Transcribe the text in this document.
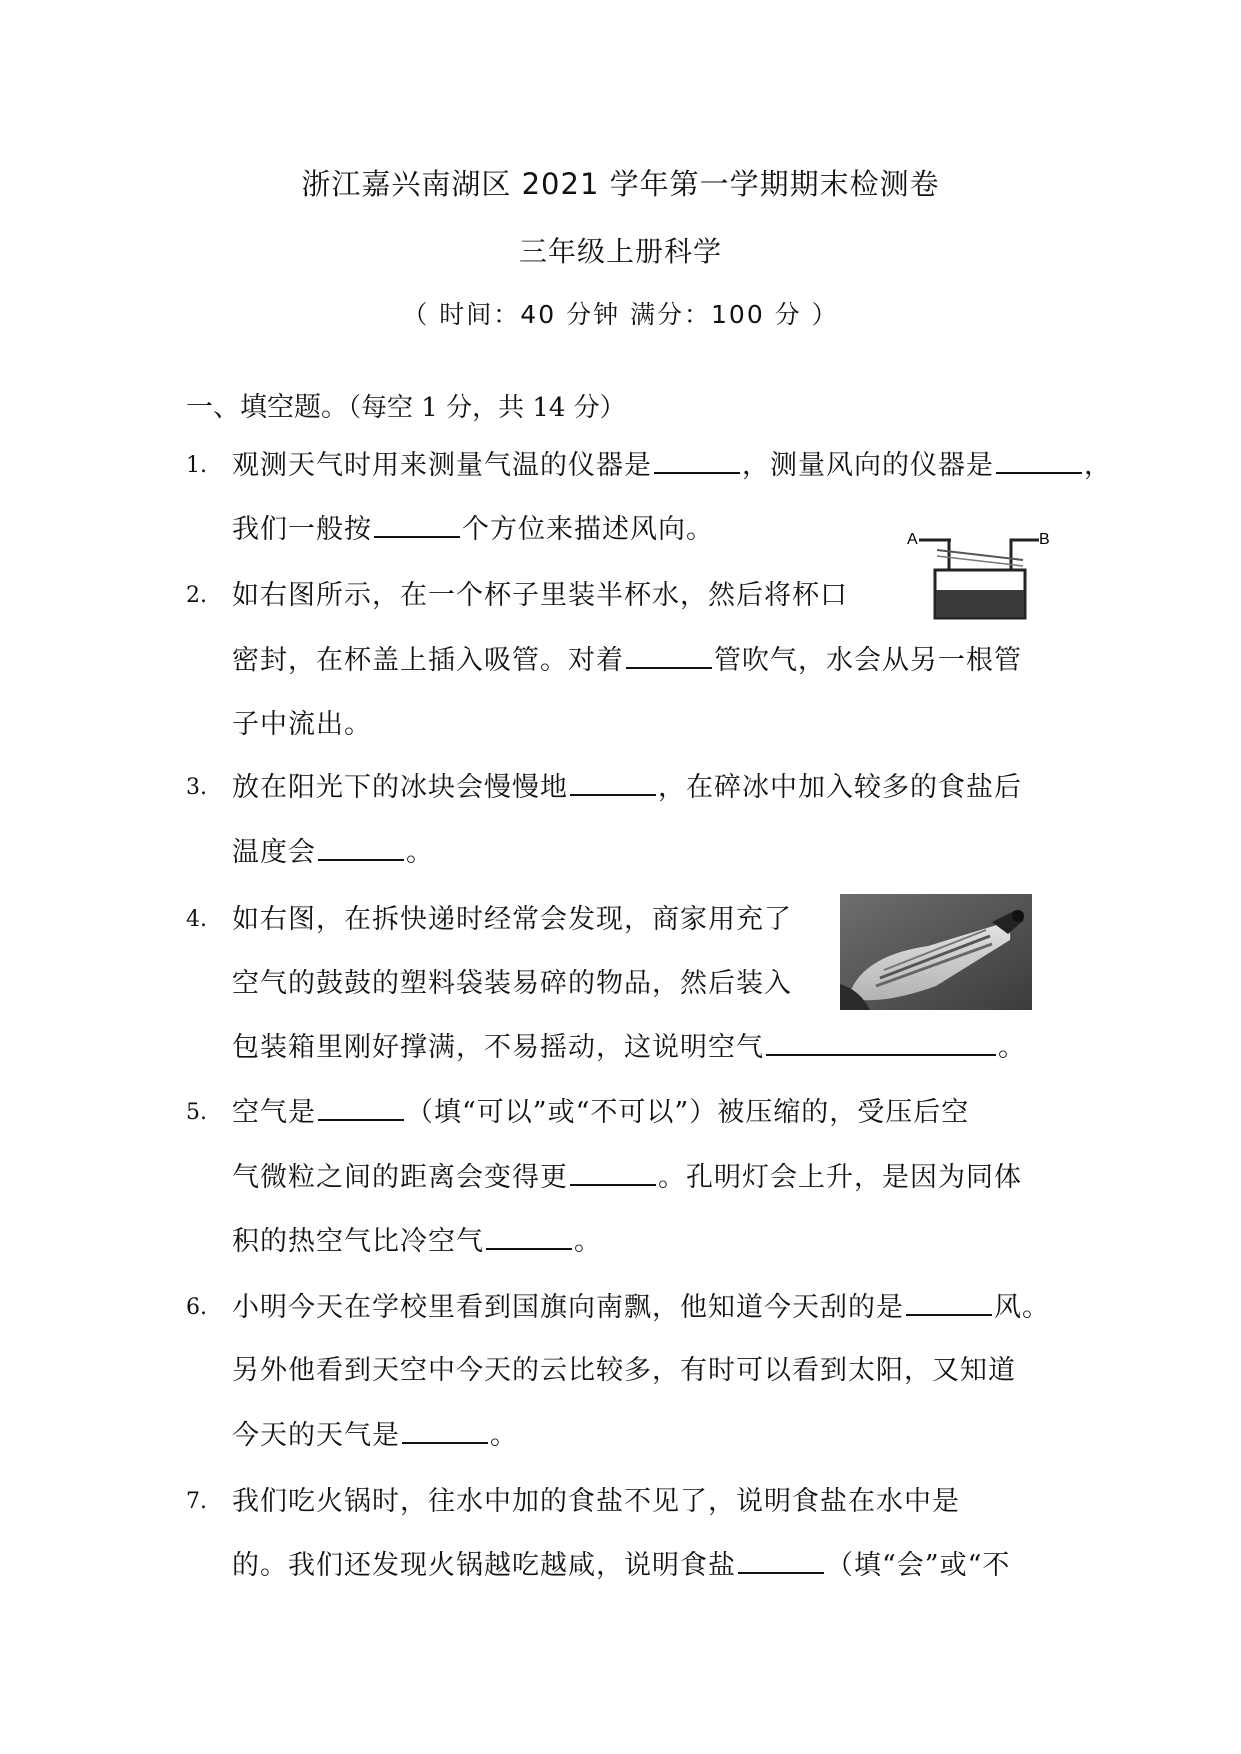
浙江嘉兴南湖区 2021 学年第一学期期末检测卷
三年级上册科学
（ 时间：40 分钟 满分：100 分 ）
一、填空题。（每空 1 分，共 14 分）
1. 观测天气时用来测量气温的仪器是	，测量风向的仪器是	，
我们一般按	个方位来描述风向。
2. 如右图所示，在一个杯子里装半杯水，然后将杯口
密封，在杯盖上插入吸管。对着	管吹气，水会从另一根管
子中流出。
A	B
3. 放在阳光下的冰块会慢慢地	，在碎冰中加入较多的食盐后
温度会	。
4. 如右图，在拆快递时经常会发现，商家用充了
空气的鼓鼓的塑料袋装易碎的物品，然后装入
包装箱里刚好撑满，不易摇动，这说明空气	。
5. 空气是	（填“可以”或“不可以”）被压缩的，受压后空
气微粒之间的距离会变得更	。孔明灯会上升，是因为同体
积的热空气比冷空气	。
6. 小明今天在学校里看到国旗向南飘，他知道今天刮的是	风。
另外他看到天空中今天的云比较多，有时可以看到太阳，又知道
今天的天气是	。
7. 我们吃火锅时，往水中加的食盐不见了，说明食盐在水中是
的。我们还发现火锅越吃越咸，说明食盐	（填“会”或“不
